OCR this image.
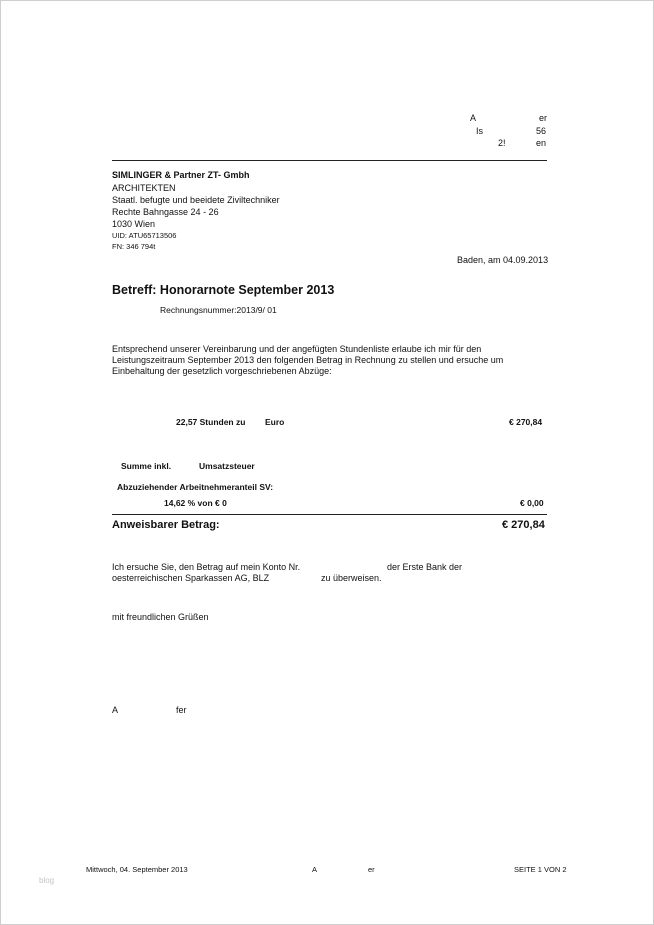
A	er
Is	56
2!	en
SIMLINGER & Partner ZT- Gmbh
ARCHITEKTEN
Staatl. befugte und beeidete Ziviltechniker
Rechte Bahngasse 24 - 26
1030 Wien
UID: ATU65713506
FN: 346 794t
Baden, am 04.09.2013
Betreff: Honorarnote September 2013
Rechnungsnummer:2013/9/ 01
Entsprechend unserer Vereinbarung und der angefügten Stundenliste erlaube ich mir für den Leistungszeitraum September 2013 den folgenden Betrag in Rechnung zu stellen und ersuche um Einbehaltung der gesetzlich vorgeschriebenen Abzüge:
22,57 Stunden zu Euro	€ 270,84
Summe inkl.	Umsatzsteuer
Abzuziehender Arbeitnehmeranteil SV:
14,62 % von € 0	€ 0,00
Anweisbarer Betrag:	€ 270,84
Ich ersuche Sie, den Betrag auf mein Konto Nr.	der Erste Bank der
oesterreichischen Sparkassen AG, BLZ	zu überweisen.
mit freundlichen Grüßen
A	fer
Mittwoch, 04. September 2013	A	er	SEITE 1 VON 2
blog
